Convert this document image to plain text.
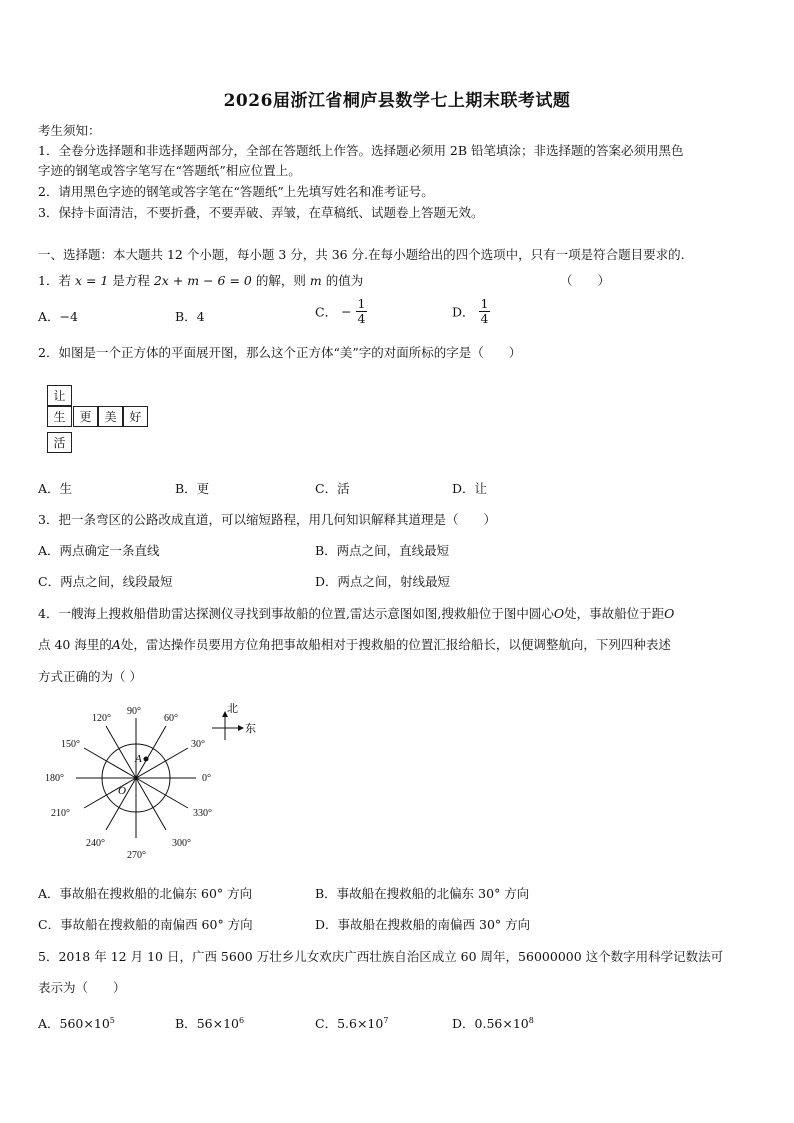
2026届浙江省桐庐县数学七上期末联考试题
考生须知：
1．全卷分选择题和非选择题两部分，全部在答题纸上作答。选择题必须用 2B 铅笔填涂；非选择题的答案必须用黑色
字迹的钢笔或答字笔写在“答题纸”相应位置上。
2．请用黑色字迹的钢笔或答字笔在“答题纸”上先填写姓名和准考证号。
3．保持卡面清洁，不要折叠，不要弄破、弄皱，在草稿纸、试题卷上答题无效。
一、选择题：本大题共 12 个小题，每小题 3 分，共 36 分.在每小题给出的四个选项中，只有一项是符合题目要求的.
1．若 x = 1 是方程 2x + m − 6 = 0 的解，则 m 的值为	（　　）
A．−4	B．4	C． − $\frac{1}{4}$	D． $\frac{1}{4}$
2．如图是一个正方体的平面展开图，那么这个正方体“美”字的对面所标的字是（　　）
让
生	更	美	好
活
A．生	B．更	C．活	D．让
3．把一条弯区的公路改成直道，可以缩短路程，用几何知识解释其道理是（　　）
A．两点确定一条直线	B．两点之间，直线最短
C．两点之间，线段最短	D．两点之间，射线最短
4．一艘海上搜救船借助雷达探测仪寻找到事故船的位置,雷达示意图如图,搜救船位于图中圆心O处，事故船位于距O
点 40 海里的A处，雷达操作员要用方位角把事故船相对于搜救船的位置汇报给船长，以便调整航向，下列四种表述
方式正确的为（ ）
A
O
0°
30°
60°
90°
120°
150°
180°
210°
240°
270°
300°
330°
北
东
A．事故船在搜救船的北偏东 60° 方向	B．事故船在搜救船的北偏东 30° 方向
C．事故船在搜救船的南偏西 60° 方向	D．事故船在搜救船的南偏西 30° 方向
5．2018 年 12 月 10 日，广西 5600 万壮乡儿女欢庆广西壮族自治区成立 60 周年，56000000 这个数字用科学记数法可
表示为（　　）
A．$560\times 10^5$	B．$56\times 10^6$	C．$5.6\times 10^7$	D．$0.56\times 10^8$
